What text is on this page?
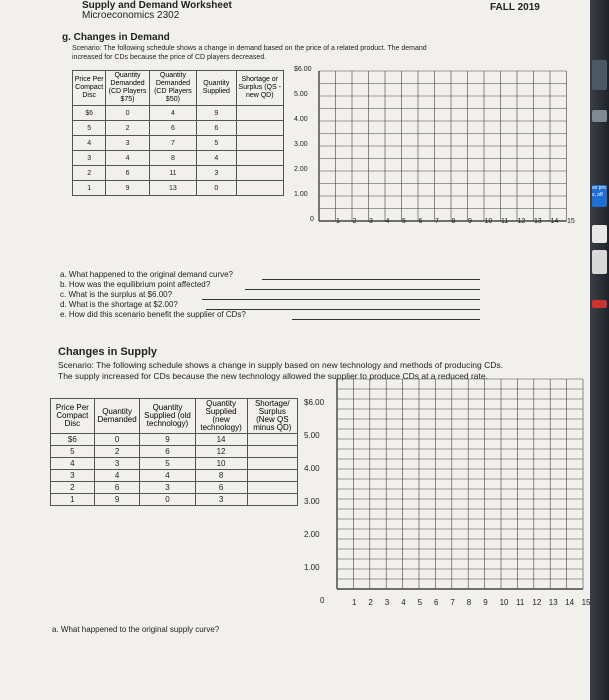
Supply and Demand Worksheet
Microeconomics 2302
FALL 2019
g. Changes in Demand
Scenario: The following schedule shows a change in demand based on the price of a related product. The demand
increased for CDs because the price of CD players decreased.
Price Per Compact Disc	Quantity Demanded (CD Players $75)	Quantity Demanded (CD Players $50)	Quantity Supplied	Shortage or Surplus (QS - new QD)
$6	0	4	9	
5	2	6	6	
4	3	7	5	
3	4	8	4	
2	6	11	3	
1	9	13	0	
$6.00
5.00
4.00
3.00
2.00
1.00
0	1 2 3 4 5 6 7 8 9 10 11 12 13 14 15
a. What happened to the original demand curve?
b. How was the equilibrium point affected?
c. What is the surplus at $6.00?
d. What is the shortage at $2.00?
e. How did this scenario benefit the supplier of CDs?
Changes in Supply
Scenario: The following schedule shows a change in supply based on new technology and methods of producing CDs.
The supply increased for CDs because the new technology allowed the supplier to produce CDs at a reduced rate.
Price Per Compact Disc	Quantity Demanded	Quantity Supplied (old technology)	Quantity Supplied (new technology)	Shortage/ Surplus (New QS minus QD)
$6	0	9	14	
5	2	6	12	
4	3	5	10	
3	4	4	8	
2	6	3	6	
1	9	0	3	
$6.00
5.00
4.00
3.00
2.00
1.00
0	1 2 3 4 5 6 7 8 9 10 11 12 13 14 15
a. What happened to the original supply curve?
se pro
s, off
